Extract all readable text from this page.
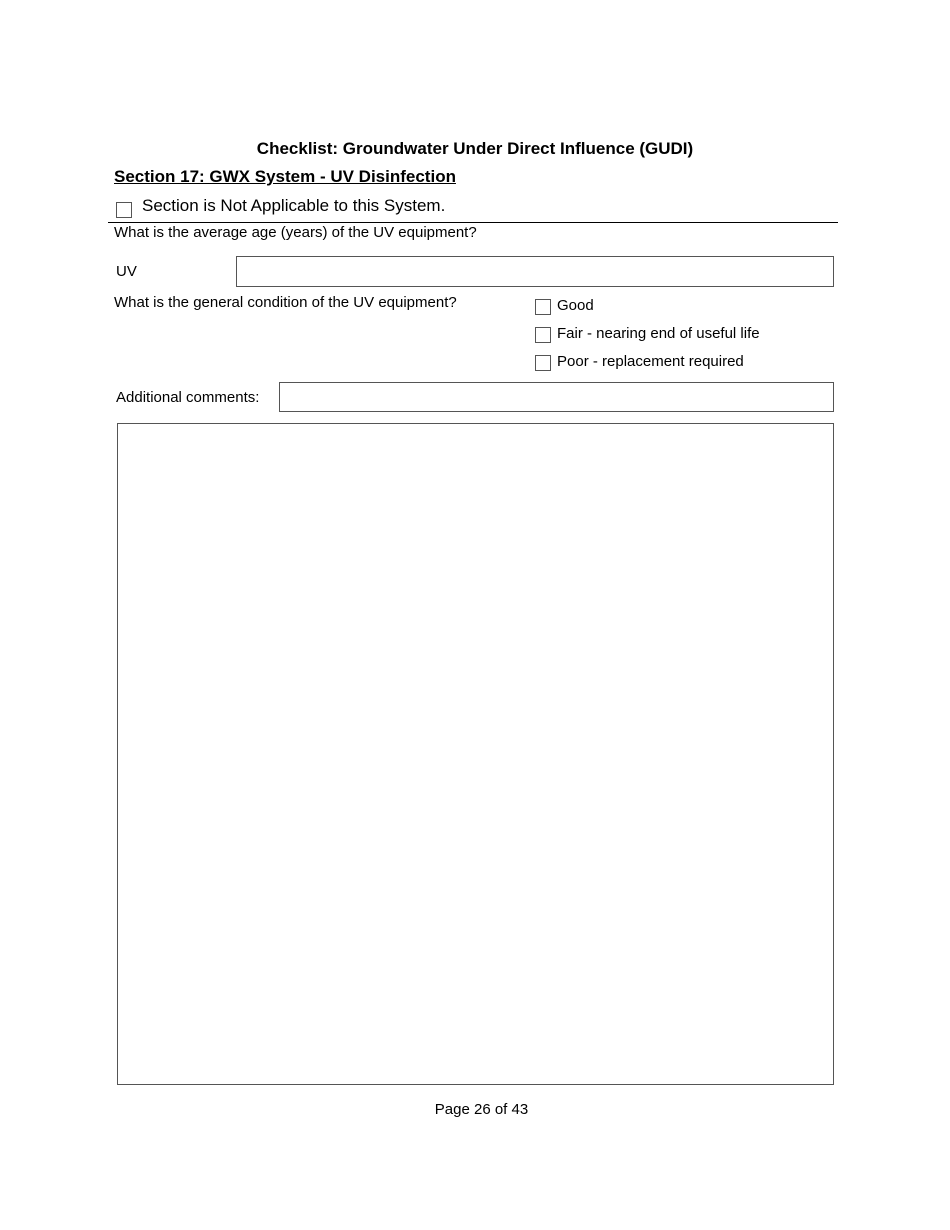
Checklist: Groundwater Under Direct Influence (GUDI)
Section 17: GWX System - UV Disinfection
Section is Not Applicable to this System.
What is the average age (years) of the UV equipment?
UV
What is the general condition of the UV equipment?	Good
Fair - nearing end of useful life
Poor - replacement required
Additional comments:
Page 26 of 43
